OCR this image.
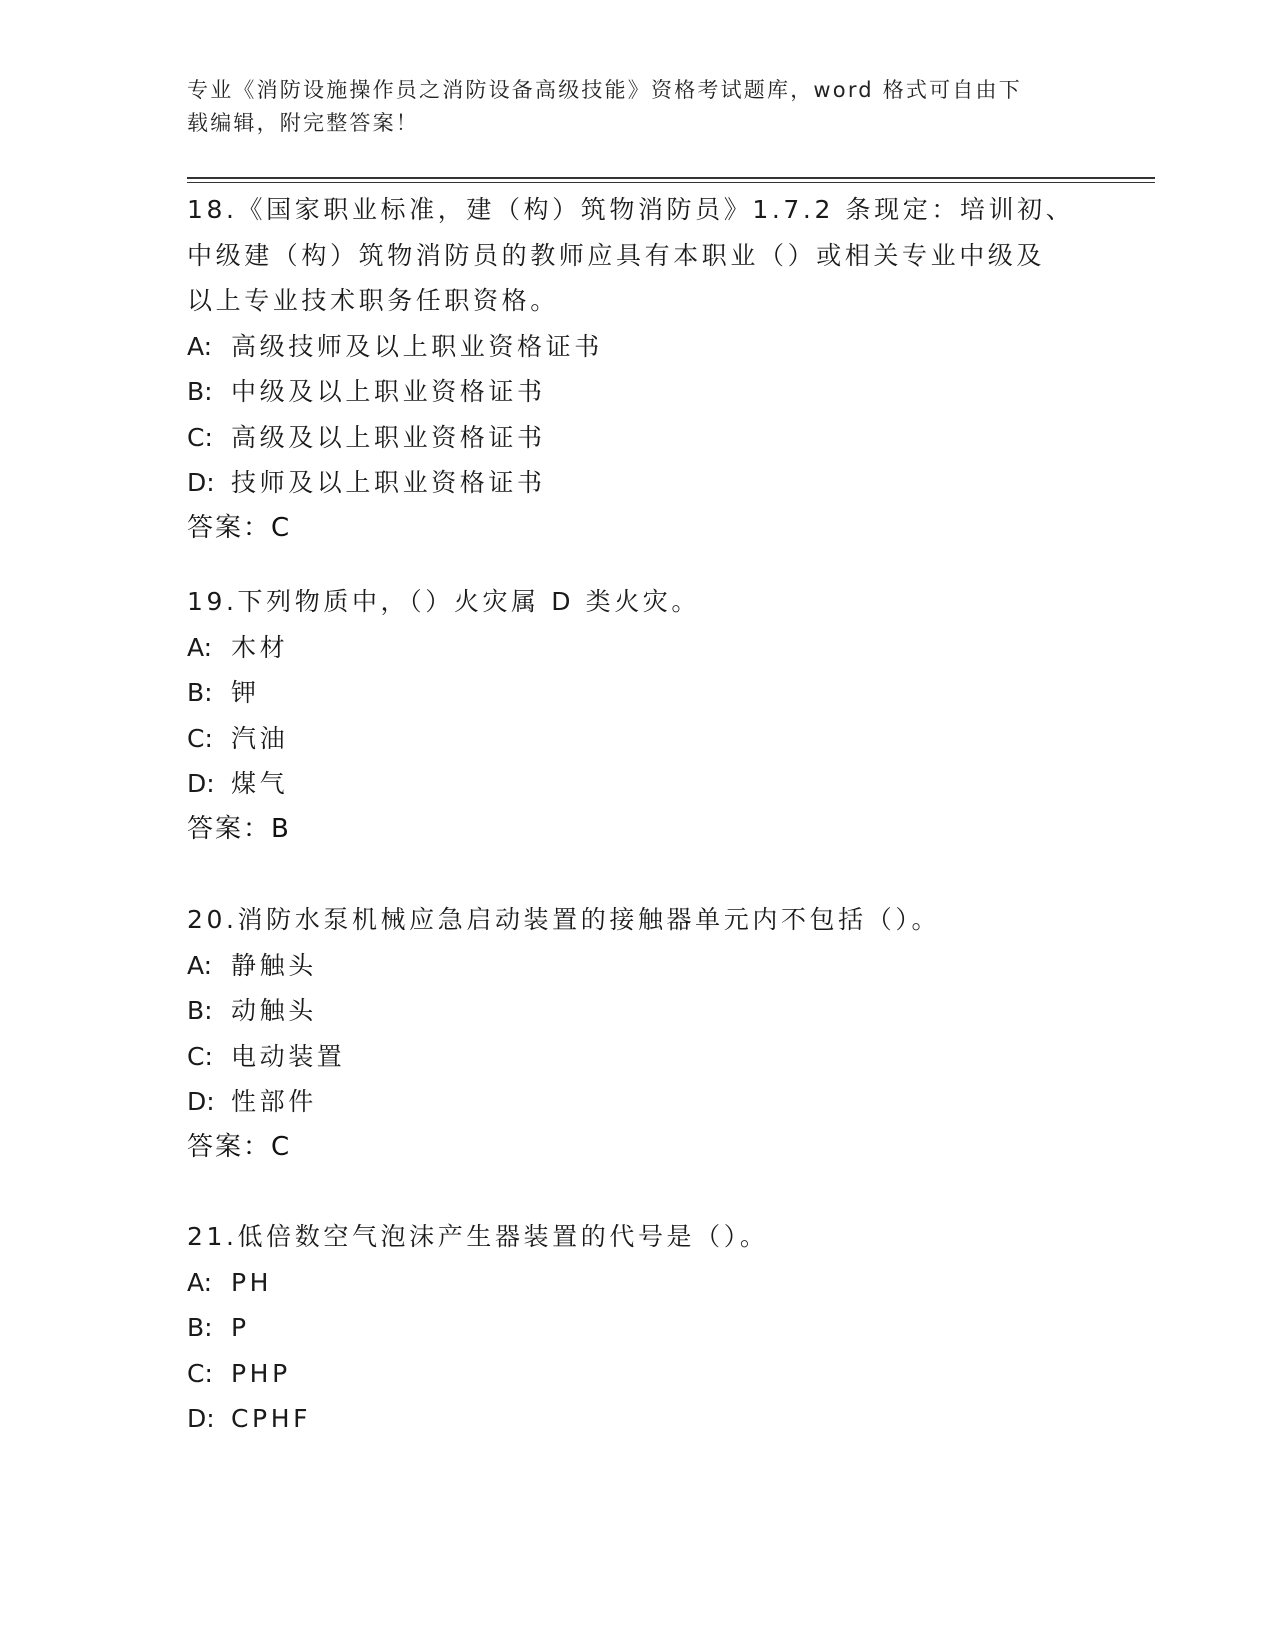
专业《消防设施操作员之消防设备高级技能》资格考试题库，word 格式可自由下
载编辑，附完整答案！

18.《国家职业标准，建（构）筑物消防员》1.7.2 条现定：培训初、

中级建（构）筑物消防员的教师应具有本职业（）或相关专业中级及

以上专业技术职务任职资格。

A: 高级技师及以上职业资格证书

B: 中级及以上职业资格证书

C: 高级及以上职业资格证书

D: 技师及以上职业资格证书

答案：C

19.下列物质中，（）火灾属 D 类火灾。

A: 木材

B: 钾

C: 汽油

D: 煤气

答案：B

20.消防水泵机械应急启动装置的接触器单元内不包括（）。

A: 静触头

B: 动触头

C: 电动装置

D: 性部件

答案：C

21.低倍数空气泡沫产生器装置的代号是（）。

A: PH

B: P

C: PHP

D: CPHF
